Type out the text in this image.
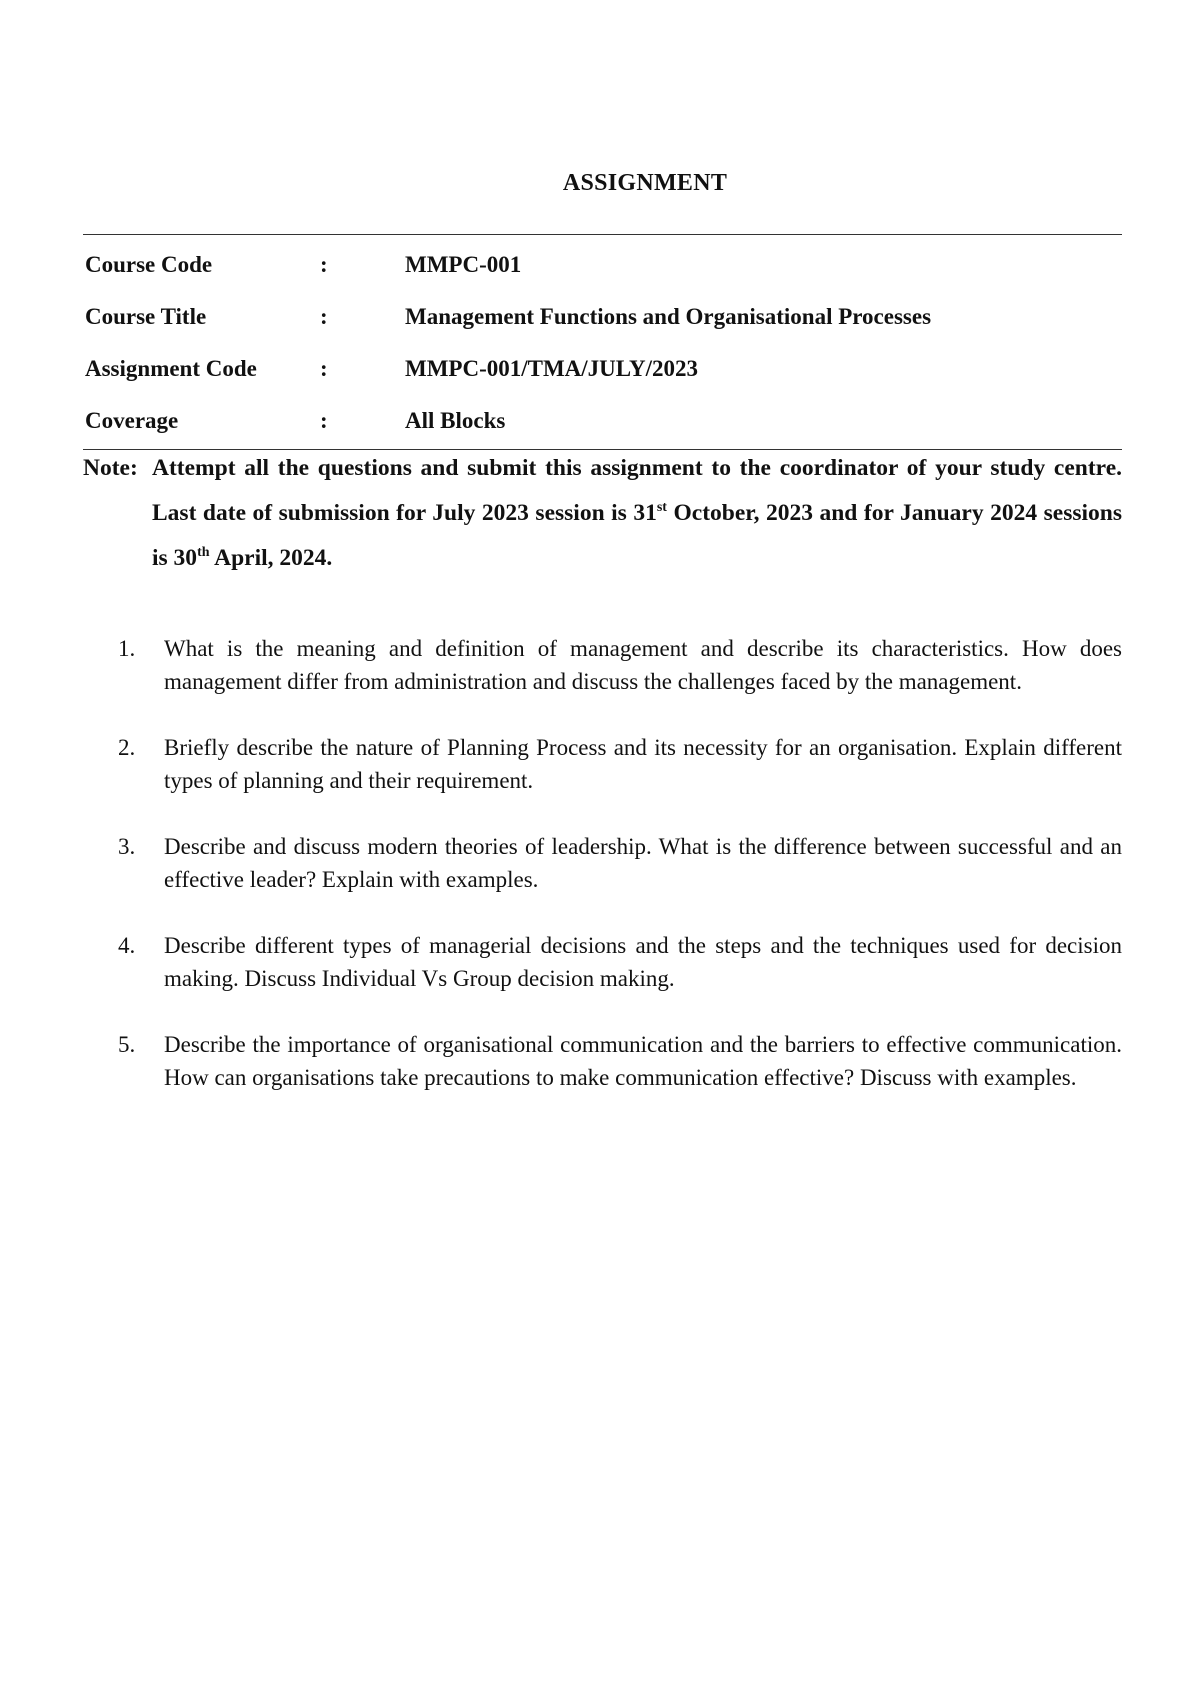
ASSIGNMENT
Course Code	:	MMPC-001
Course Title	:	Management Functions and Organisational Processes
Assignment Code	:	MMPC-001/TMA/JULY/2023
Coverage	:	All Blocks
Note: Attempt all the questions and submit this assignment to the coordinator of your study centre. Last date of submission for July 2023 session is 31st October, 2023 and for January 2024 sessions is 30th April, 2024.
1.	What is the meaning and definition of management and describe its characteristics. How does management differ from administration and discuss the challenges faced by the management.
2.	Briefly describe the nature of Planning Process and its necessity for an organisation. Explain different types of planning and their requirement.
3.	Describe and discuss modern theories of leadership. What is the difference between successful and an effective leader? Explain with examples.
4.	Describe different types of managerial decisions and the steps and the techniques used for decision making. Discuss Individual Vs Group decision making.
5.	Describe the importance of organisational communication and the barriers to effective communication. How can organisations take precautions to make communication effective? Discuss with examples.
